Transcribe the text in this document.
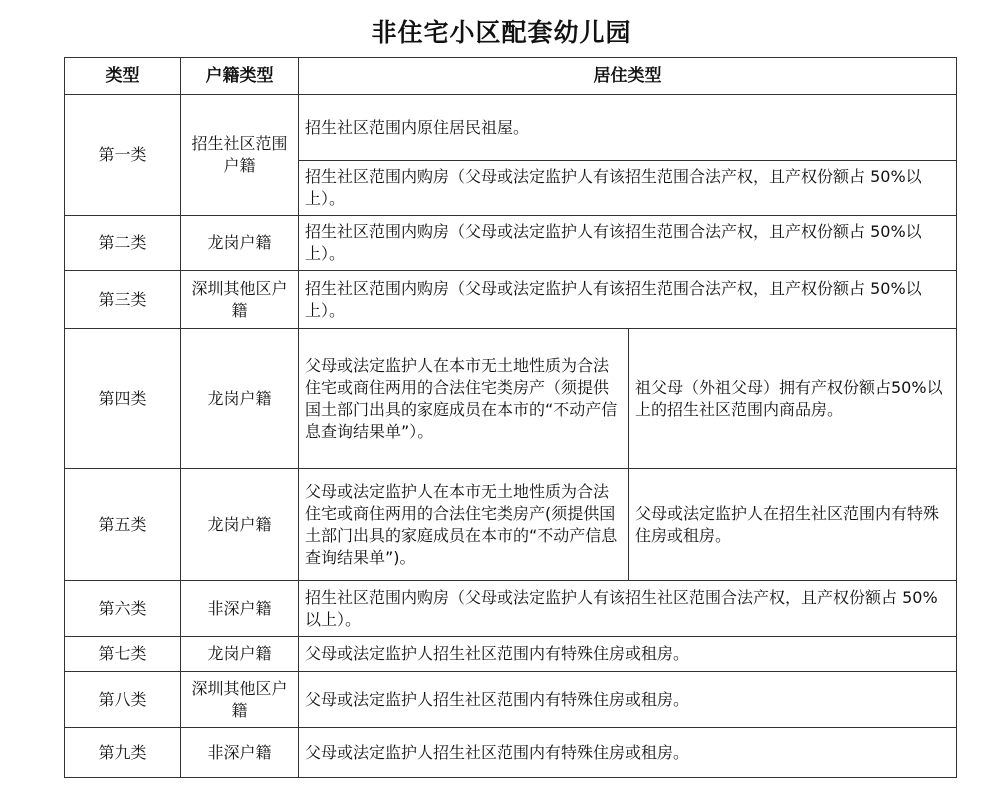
非住宅小区配套幼儿园
类型	户籍类型	居住类型	
第一类	招生社区范围户籍	招生社区范围内原住居民祖屋。	
		招生社区范围内购房（父母或法定监护人有该招生范围合法产权，且产权份额占 50%以上）。	
第二类	龙岗户籍	招生社区范围内购房（父母或法定监护人有该招生范围合法产权，且产权份额占 50%以上）。	
第三类	深圳其他区户籍	招生社区范围内购房（父母或法定监护人有该招生范围合法产权，且产权份额占 50%以上）。	
第四类	龙岗户籍	父母或法定监护人在本市无土地性质为合法住宅或商住两用的合法住宅类房产（须提供国土部门出具的家庭成员在本市的“不动产信息查询结果单”）。	祖父母（外祖父母）拥有产权份额占50%以上的招生社区范围内商品房。
第五类	龙岗户籍	父母或法定监护人在本市无土地性质为合法住宅或商住两用的合法住宅类房产(须提供国土部门出具的家庭成员在本市的“不动产信息查询结果单”)。	父母或法定监护人在招生社区范围内有特殊住房或租房。
第六类	非深户籍	招生社区范围内购房（父母或法定监护人有该招生社区范围合法产权，且产权份额占 50%以上）。	
第七类	龙岗户籍	父母或法定监护人招生社区范围内有特殊住房或租房。	
第八类	深圳其他区户籍	父母或法定监护人招生社区范围内有特殊住房或租房。	
第九类	非深户籍	父母或法定监护人招生社区范围内有特殊住房或租房。	
